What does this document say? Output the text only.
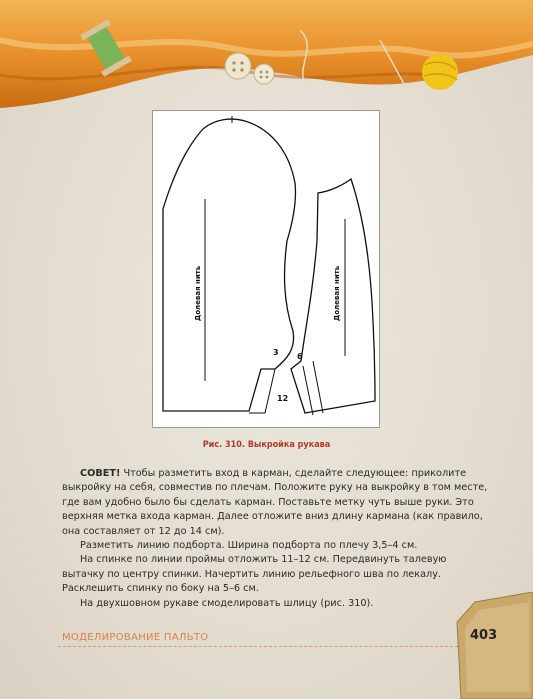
Долевая нить	Долевая нить
3 6
12
Рис. 310. Выкройка рукава

СОВЕТ! Чтобы разметить вход в карман, сделайте следующее: приколите выкройку на себя, совместив по плечам. Положите руку на выкройку в том месте, где вам удобно было бы сделать карман. Поставьте метку чуть выше руки. Это верхняя метка входа карман. Далее отложите вниз длину кармана (как правило, она составляет от 12 до 14 см).

Разметить линию подборта. Ширина подборта по плечу 3,5–4 см.

На спинке по линии проймы отложить 11–12 см. Передвинуть талевую вытачку по центру спинки. Начертить линию рельефного шва по лекалу. Расклешить спинку по боку на 5–6 см.

На двухшовном рукаве смоделировать шлицу (рис. 310).

МОДЕЛИРОВАНИЕ ПАЛЬТО	403
